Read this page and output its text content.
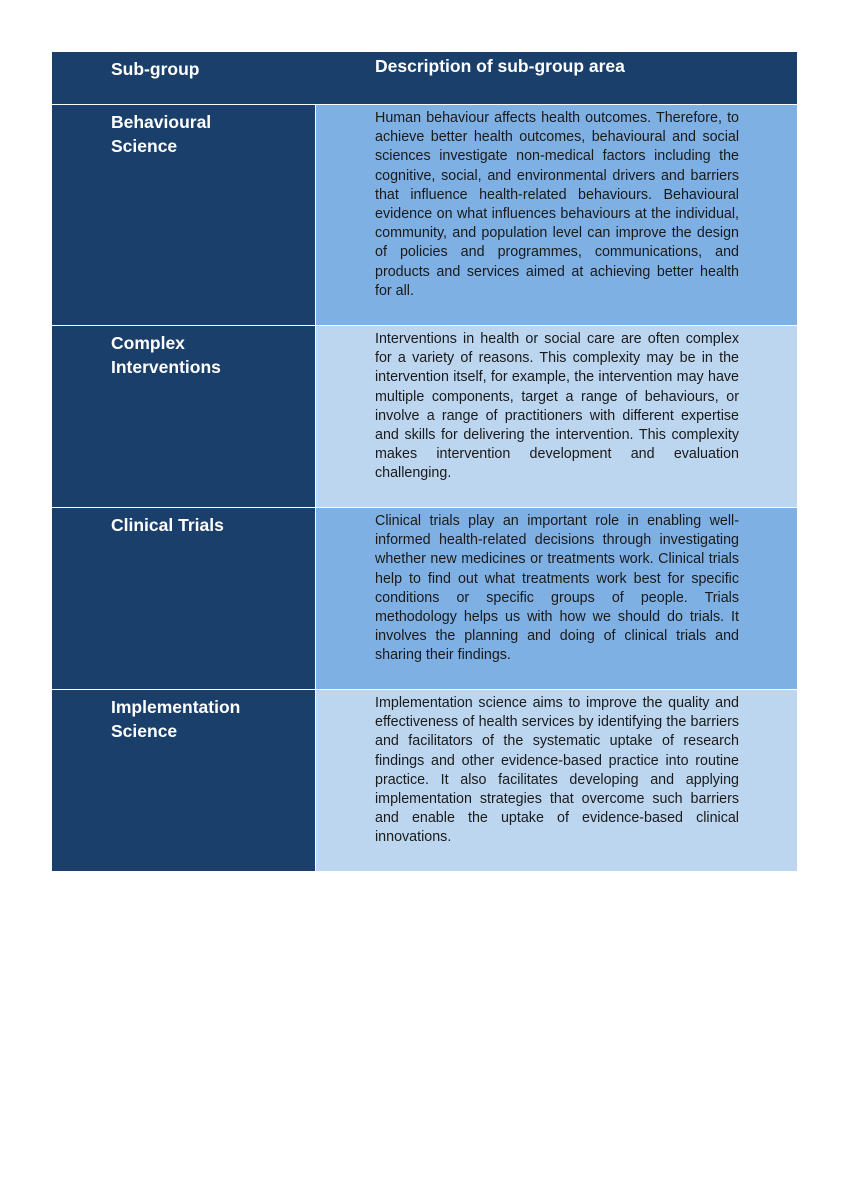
Sub-group	Description of sub-group area
Behavioural
Science
Human behaviour affects health outcomes. Therefore, to achieve better health outcomes, behavioural and social sciences investigate non-medical factors including the cognitive, social, and environmental drivers and barriers that influence health-related behaviours. Behavioural evidence on what influences behaviours at the individual, community, and population level can improve the design of policies and programmes, communications, and products and services aimed at achieving better health for all.
Complex
Interventions
Interventions in health or social care are often complex for a variety of reasons. This complexity may be in the intervention itself, for example, the intervention may have multiple components, target a range of behaviours, or involve a range of practitioners with different expertise and skills for delivering the intervention. This complexity makes intervention development and evaluation challenging.
Clinical Trials	Clinical trials play an important role in enabling well-informed health-related decisions through investigating whether new medicines or treatments work. Clinical trials help to find out what treatments work best for specific conditions or specific groups of people. Trials methodology helps us with how we should do trials. It involves the planning and doing of clinical trials and sharing their findings.
Implementation
Science
Implementation science aims to improve the quality and effectiveness of health services by identifying the barriers and facilitators of the systematic uptake of research findings and other evidence-based practice into routine practice. It also facilitates developing and applying implementation strategies that overcome such barriers and enable the uptake of evidence-based clinical innovations.
